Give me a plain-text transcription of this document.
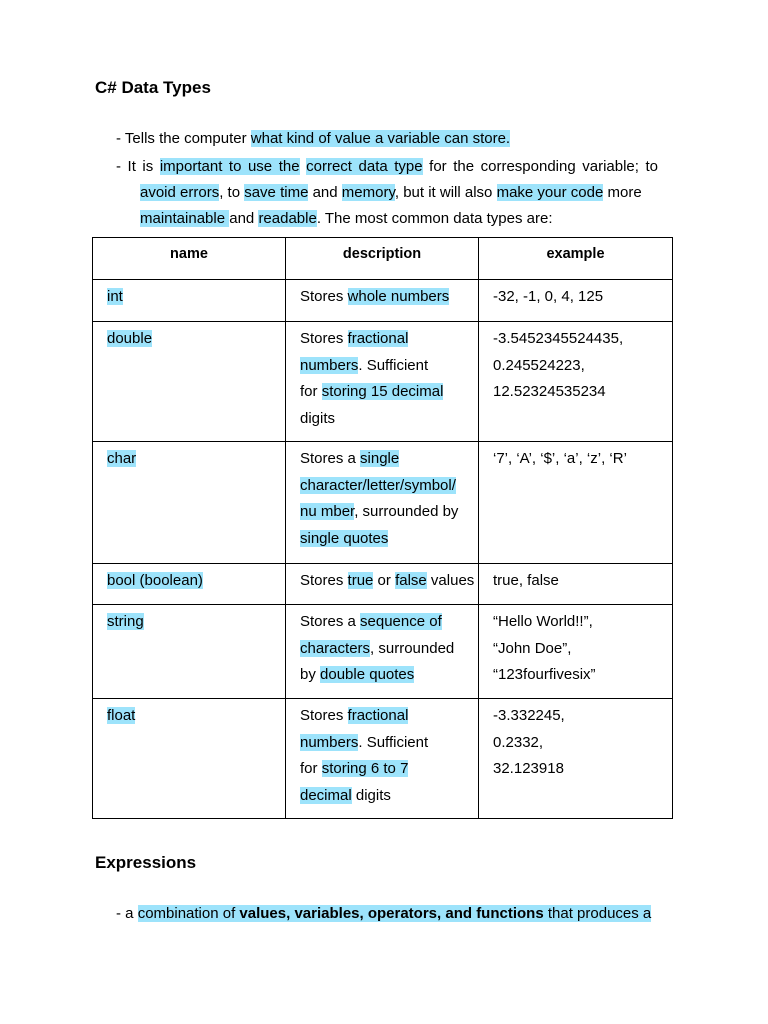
C# Data Types
- Tells the computer what kind of value a variable can store.
- It is important to use the correct data type for the corresponding variable; to
avoid errors, to save time and memory, but it will also make your code more
maintainable and readable. The most common data types are:
name	description	example

int	Stores whole numbers	-32, -1, 0, 4, 125

double	Stores fractional
numbers. Sufficient
for storing 15 decimal
digits	-3.5452345524435,
0.245524223,
12.52324535234

char	Stores a single
character/letter/symbol/
nu mber, surrounded by
single quotes	‘7’, ‘A’, ‘$’, ‘a’, ‘z’, ‘R’

bool (boolean)	Stores true or false values	true, false

string	Stores a sequence of
characters, surrounded
by double quotes	“Hello World!!”,
“John Doe”,
“123fourfivesix”

float	Stores fractional
numbers. Sufficient
for storing 6 to 7
decimal digits	-3.332245,
0.2332,
32.123918
Expressions
- a combination of values, variables, operators, and functions that produces a
